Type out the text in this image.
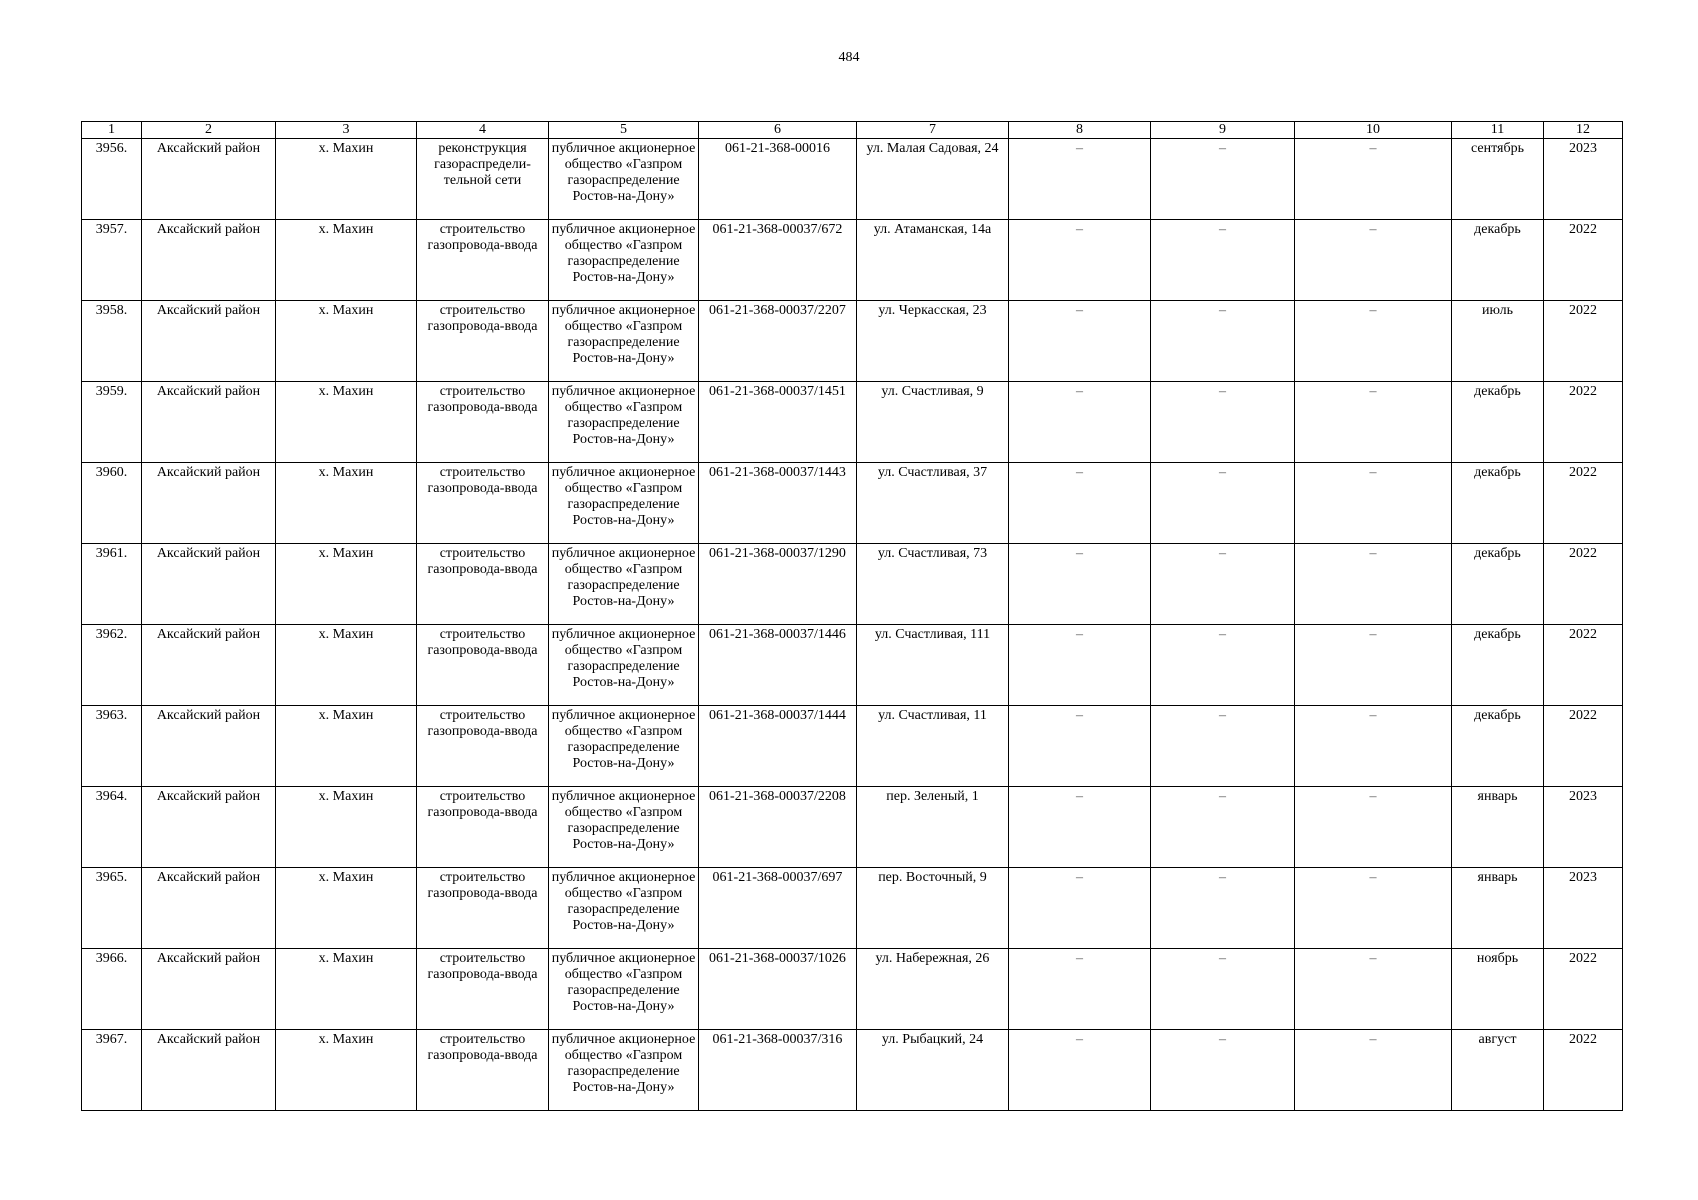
484
1	2	3	4	5	6	7	8	9	10	11	12
3956.	Аксайский район	х. Махин	реконструкция газораспредели-тельной сети	публичное акционерное общество «Газпром газораспределение Ростов-на-Дону»	061-21-368-00016	ул. Малая Садовая, 24	–	–	–	сентябрь	2023
3957.	Аксайский район	х. Махин	строительство газопровода-ввода	публичное акционерное общество «Газпром газораспределение Ростов-на-Дону»	061-21-368-00037/672	ул. Атаманская, 14а	–	–	–	декабрь	2022
3958.	Аксайский район	х. Махин	строительство газопровода-ввода	публичное акционерное общество «Газпром газораспределение Ростов-на-Дону»	061-21-368-00037/2207	ул. Черкасская, 23	–	–	–	июль	2022
3959.	Аксайский район	х. Махин	строительство газопровода-ввода	публичное акционерное общество «Газпром газораспределение Ростов-на-Дону»	061-21-368-00037/1451	ул. Счастливая, 9	–	–	–	декабрь	2022
3960.	Аксайский район	х. Махин	строительство газопровода-ввода	публичное акционерное общество «Газпром газораспределение Ростов-на-Дону»	061-21-368-00037/1443	ул. Счастливая, 37	–	–	–	декабрь	2022
3961.	Аксайский район	х. Махин	строительство газопровода-ввода	публичное акционерное общество «Газпром газораспределение Ростов-на-Дону»	061-21-368-00037/1290	ул. Счастливая, 73	–	–	–	декабрь	2022
3962.	Аксайский район	х. Махин	строительство газопровода-ввода	публичное акционерное общество «Газпром газораспределение Ростов-на-Дону»	061-21-368-00037/1446	ул. Счастливая, 111	–	–	–	декабрь	2022
3963.	Аксайский район	х. Махин	строительство газопровода-ввода	публичное акционерное общество «Газпром газораспределение Ростов-на-Дону»	061-21-368-00037/1444	ул. Счастливая, 11	–	–	–	декабрь	2022
3964.	Аксайский район	х. Махин	строительство газопровода-ввода	публичное акционерное общество «Газпром газораспределение Ростов-на-Дону»	061-21-368-00037/2208	пер. Зеленый, 1	–	–	–	январь	2023
3965.	Аксайский район	х. Махин	строительство газопровода-ввода	публичное акционерное общество «Газпром газораспределение Ростов-на-Дону»	061-21-368-00037/697	пер. Восточный, 9	–	–	–	январь	2023
3966.	Аксайский район	х. Махин	строительство газопровода-ввода	публичное акционерное общество «Газпром газораспределение Ростов-на-Дону»	061-21-368-00037/1026	ул. Набережная, 26	–	–	–	ноябрь	2022
3967.	Аксайский район	х. Махин	строительство газопровода-ввода	публичное акционерное общество «Газпром газораспределение Ростов-на-Дону»	061-21-368-00037/316	ул. Рыбацкий, 24	–	–	–	август	2022
